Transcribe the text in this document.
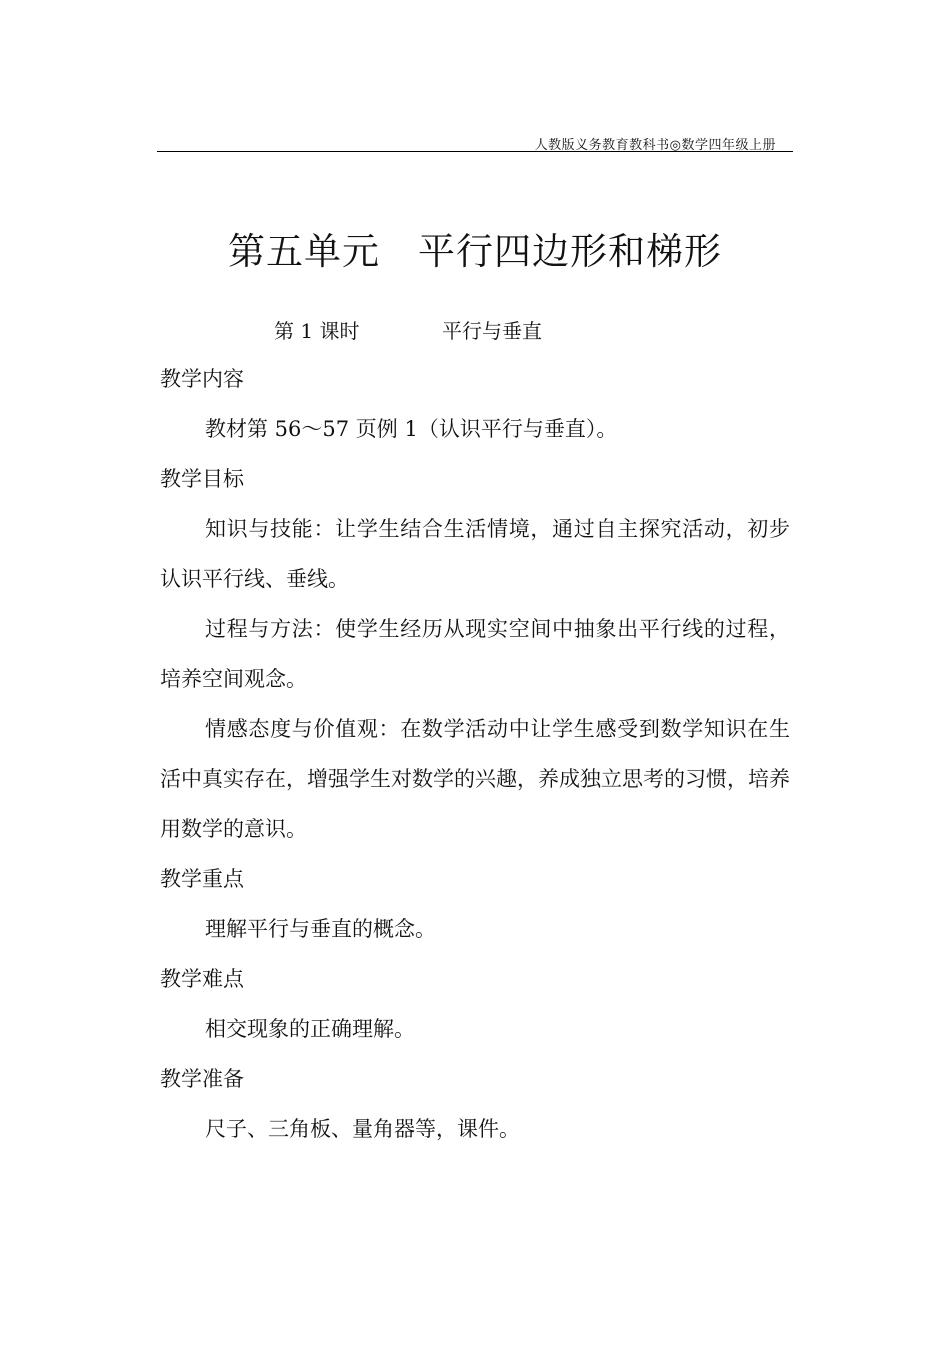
人教版义务教育教科书◎数学四年级上册
第五单元　平行四边形和梯形
第 1 课时	平行与垂直

教学内容

教材第 56～57 页例 1（认识平行与垂直）。

教学目标

知识与技能：让学生结合生活情境，通过自主探究活动，初步认识平行线、垂线。

过程与方法：使学生经历从现实空间中抽象出平行线的过程，培养空间观念。

情感态度与价值观：在数学活动中让学生感受到数学知识在生活中真实存在，增强学生对数学的兴趣，养成独立思考的习惯，培养用数学的意识。

教学重点

理解平行与垂直的概念。

教学难点

相交现象的正确理解。

教学准备

尺子、三角板、量角器等，课件。
